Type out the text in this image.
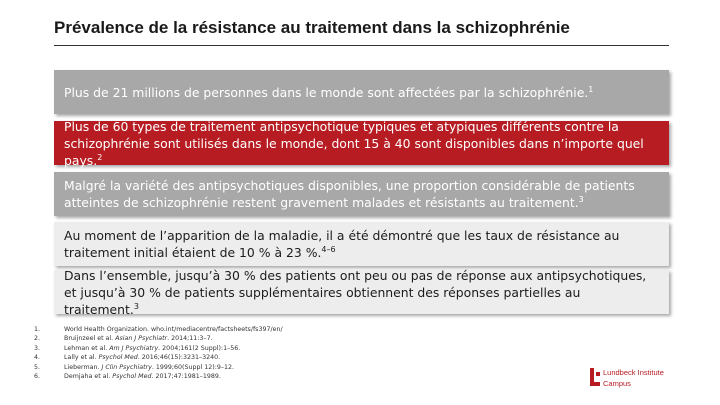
Prévalence de la résistance au traitement dans la schizophrénie
Plus de 21 millions de personnes dans le monde sont affectées par la schizophrénie.$^1$
Plus de 60 types de traitement antipsychotique typiques et atypiques différents contre la schizophrénie sont utilisés dans le monde, dont 15 à 40 sont disponibles dans n’importe quel pays.$^2$
Malgré la variété des antipsychotiques disponibles, une proportion considérable de patients atteintes de schizophrénie restent gravement malades et résistants au traitement.$^3$
Au moment de l’apparition de la maladie, il a été démontré que les taux de résistance au traitement initial étaient de 10 % à 23 %.$^{4-6}$
Dans l’ensemble, jusqu’à 30 % des patients ont peu ou pas de réponse aux antipsychotiques, et jusqu’à 30 % de patients supplémentaires obtiennent des réponses partielles au traitement.$^3$
1.	World Health Organization. who.int/mediacentre/factsheets/fs397/en/
2.	Bruijnzeel et al. Asian J Psychiatr. 2014;11:3–7.
3.	Lehman et al. Am J Psychiatry. 2004;161(2 Suppl):1–56.
4.	Lally et al. Psychol Med. 2016;46(15):3231–3240.
5.	Lieberman. J Clin Psychiatry. 1999;60(Suppl 12):9–12.
6.	Demjaha et al. Psychol Med. 2017;47:1981–1989.	Lundbeck Institute
Campus
